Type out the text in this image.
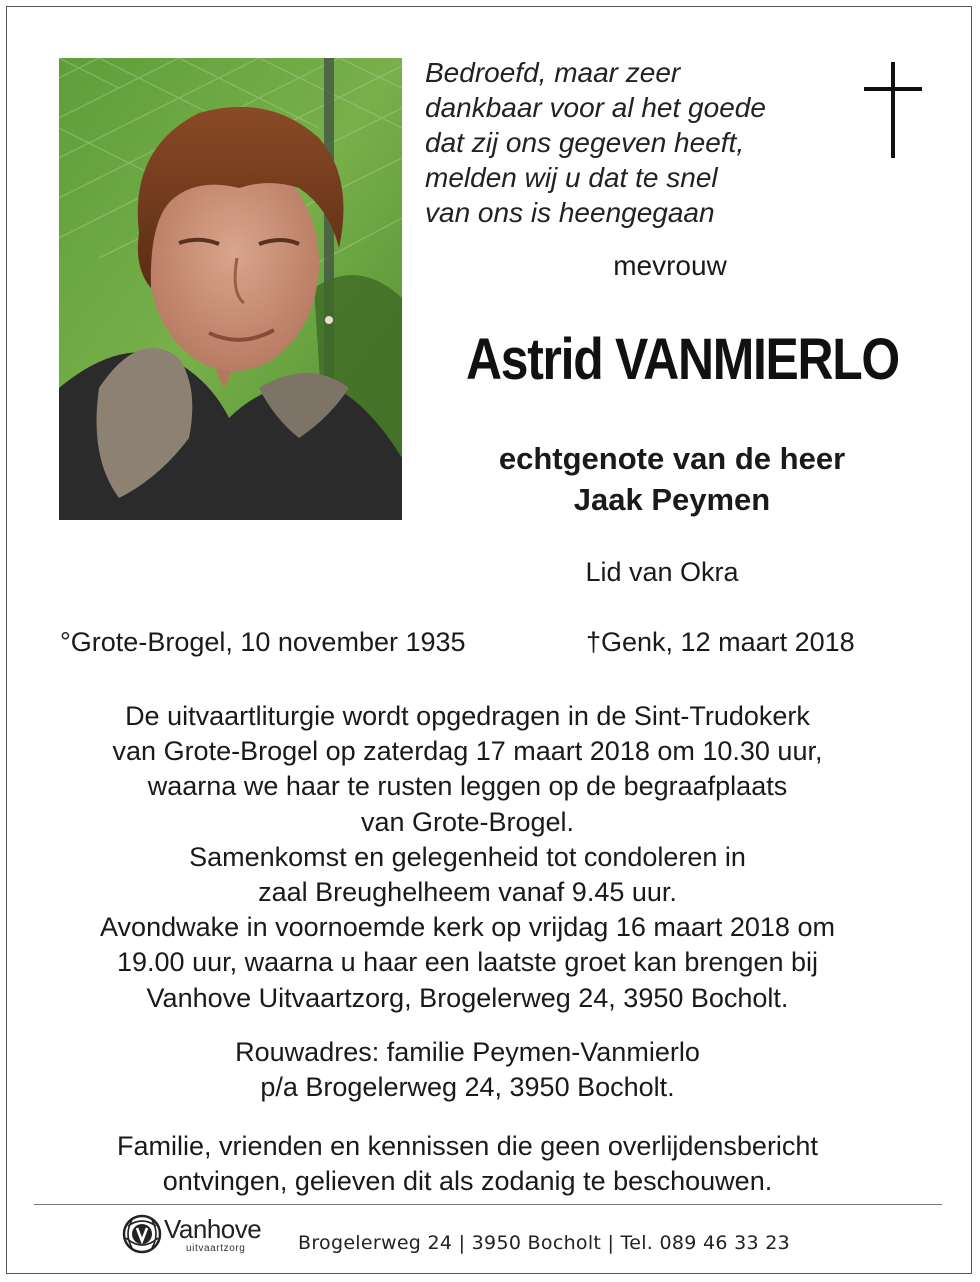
Bedroefd, maar zeer
dankbaar voor al het goede
dat zij ons gegeven heeft,
melden wij u dat te snel
van ons is heengegaan
mevrouw
Astrid VANMIERLO
echtgenote van de heer
Jaak Peymen
Lid van Okra
°Grote-Brogel, 10 november 1935	†Genk, 12 maart 2018
De uitvaartliturgie wordt opgedragen in de Sint-Trudokerk
van Grote-Brogel op zaterdag 17 maart 2018 om 10.30 uur,
waarna we haar te rusten leggen op de begraafplaats
van Grote-Brogel.
Samenkomst en gelegenheid tot condoleren in
zaal Breughelheem vanaf 9.45 uur.
Avondwake in voornoemde kerk op vrijdag 16 maart 2018 om
19.00 uur, waarna u haar een laatste groet kan brengen bij
Vanhove Uitvaartzorg, Brogelerweg 24, 3950 Bocholt.
Rouwadres: familie Peymen-Vanmierlo
p/a Brogelerweg 24, 3950 Bocholt.
Familie, vrienden en kennissen die geen overlijdensbericht
ontvingen, gelieven dit als zodanig te beschouwen.
Vanhove
uitvaartzorg	Brogelerweg 24 | 3950 Bocholt | Tel. 089 46 33 23
